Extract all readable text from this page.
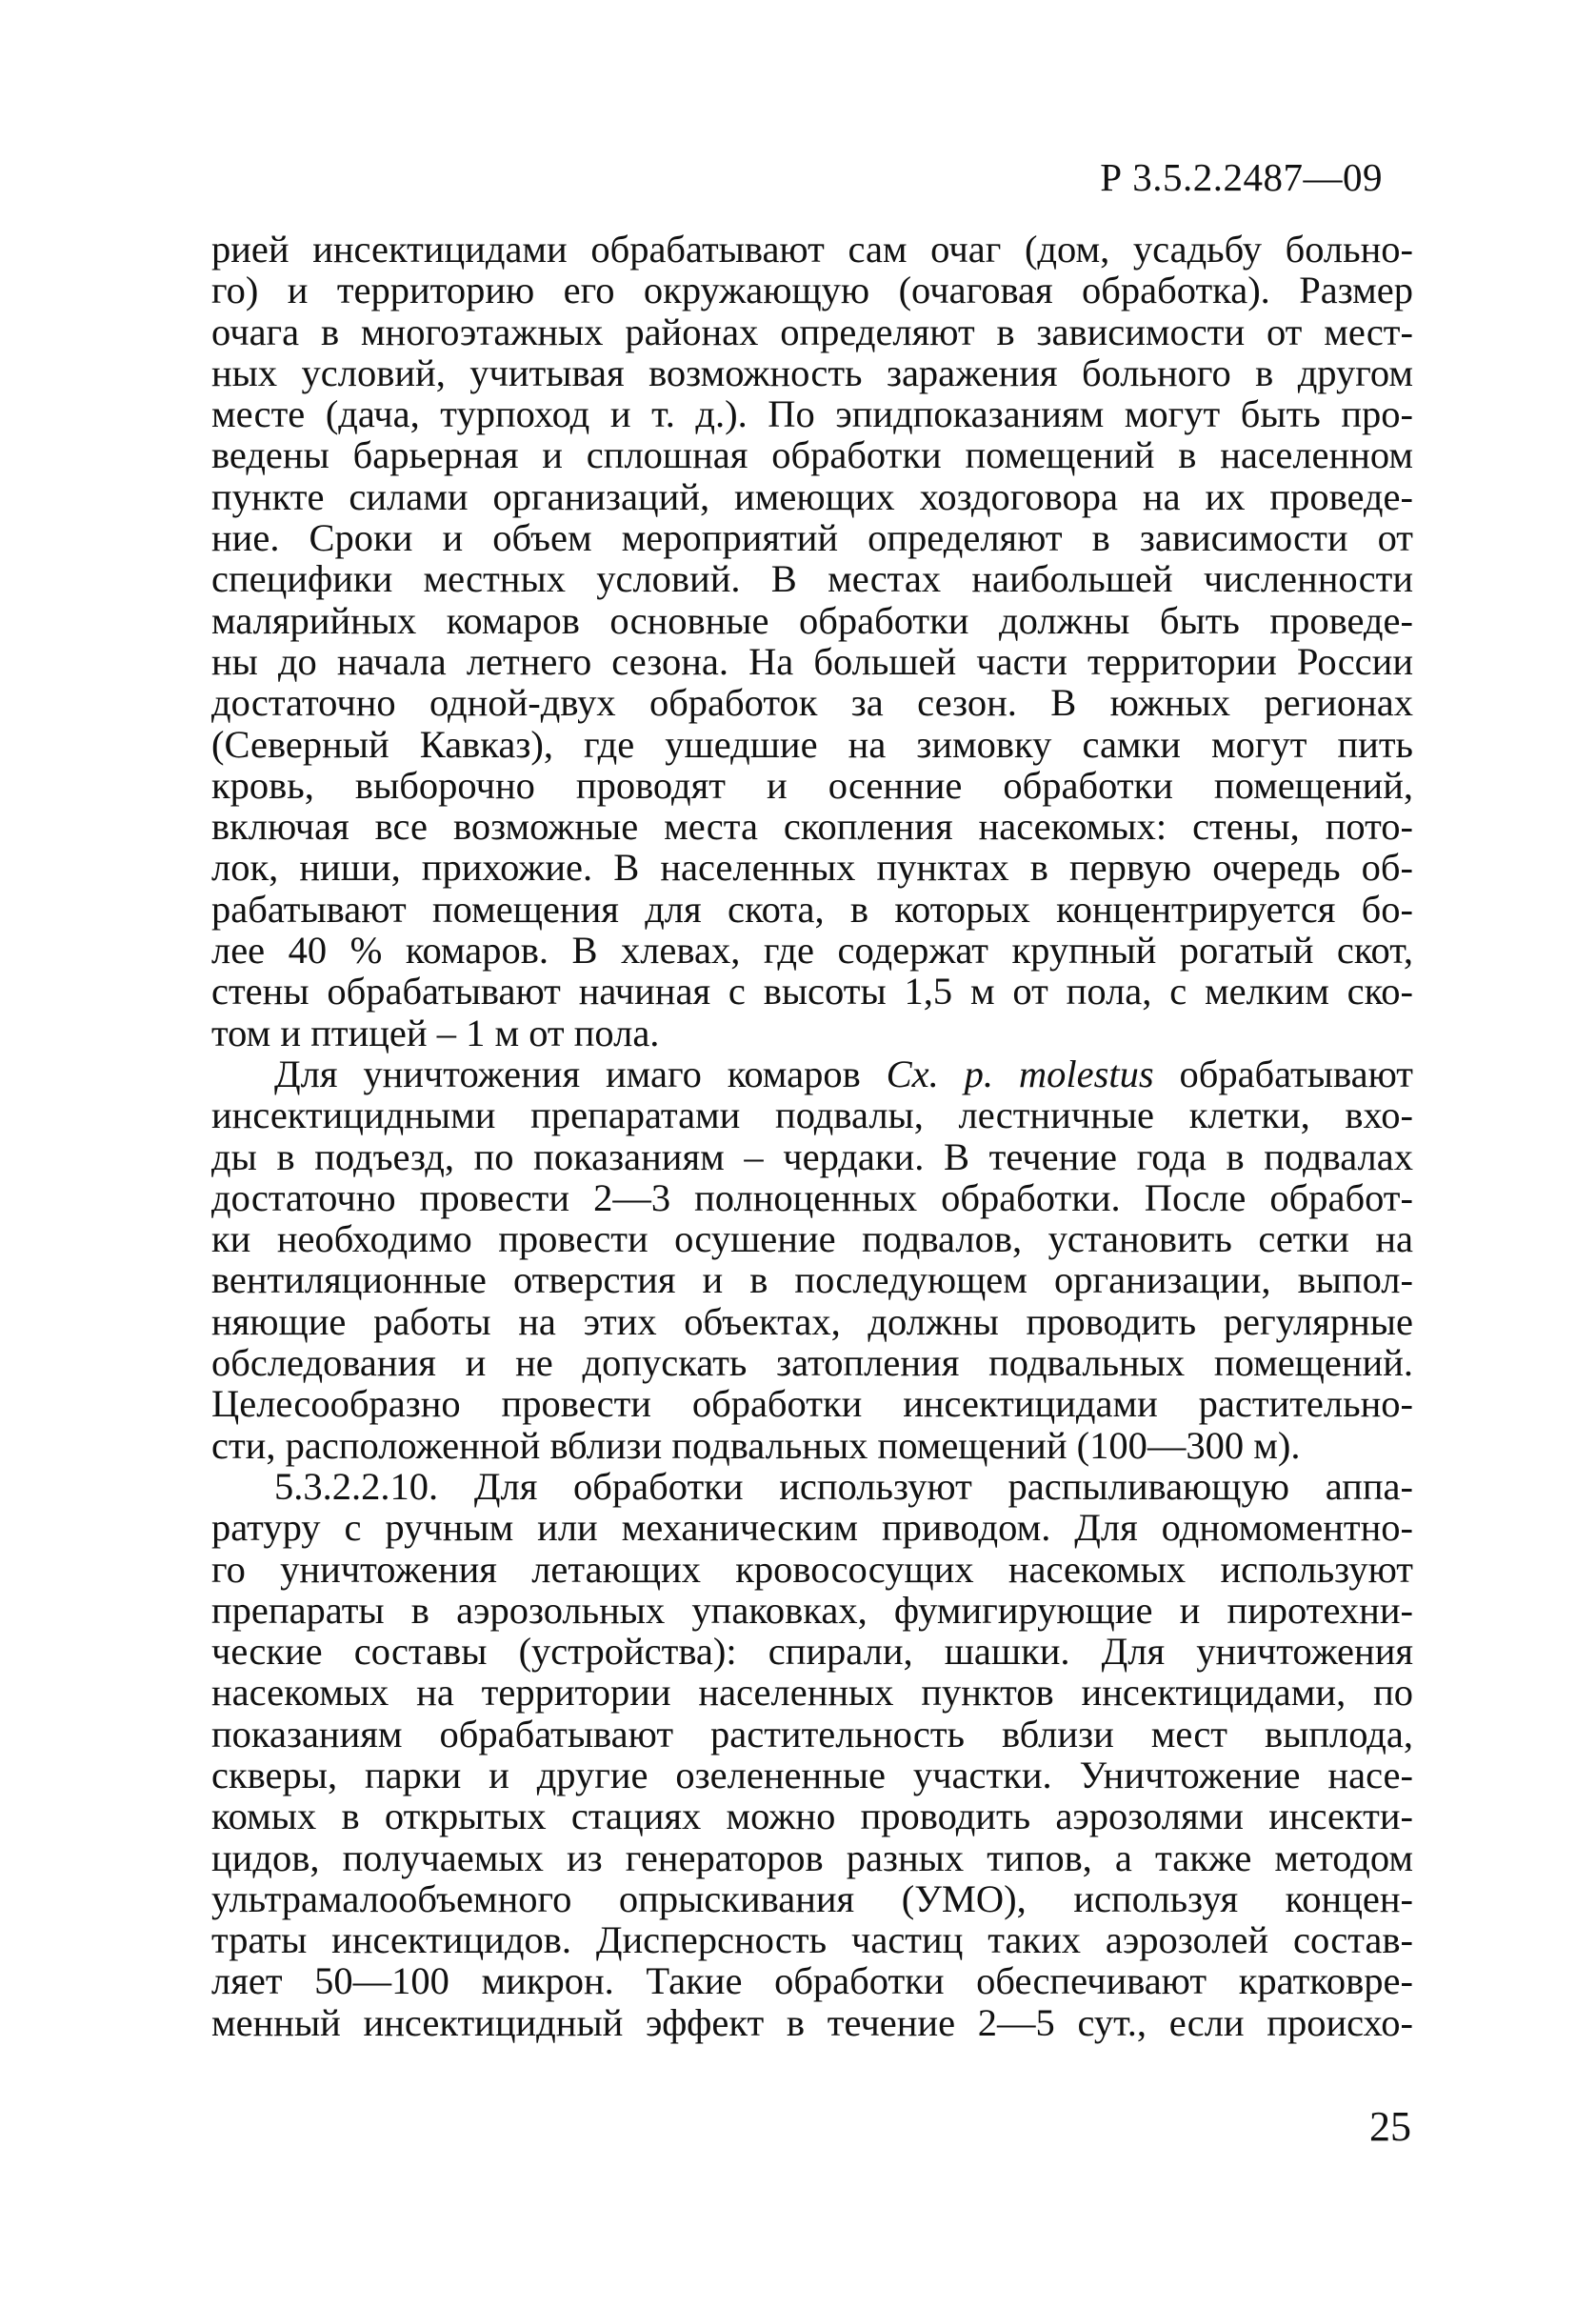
Р 3.5.2.2487—09
рией инсектицидами обрабатывают сам очаг (дом, усадьбу больно-
го) и территорию его окружающую (очаговая обработка). Размер
очага в многоэтажных районах определяют в зависимости от мест-
ных условий, учитывая возможность заражения больного в другом
месте (дача, турпоход и т. д.). По эпидпоказаниям могут быть про-
ведены барьерная и сплошная обработки помещений в населенном
пункте силами организаций, имеющих хоздоговора на их проведе-
ние. Сроки и объем мероприятий определяют в зависимости от
специфики местных условий. В местах наибольшей численности
малярийных комаров основные обработки должны быть проведе-
ны до начала летнего сезона. На большей части территории России
достаточно одной-двух обработок за сезон. В южных регионах
(Северный Кавказ), где ушедшие на зимовку самки могут пить
кровь, выборочно проводят и осенние обработки помещений,
включая все возможные места скопления насекомых: стены, пото-
лок, ниши, прихожие. В населенных пунктах в первую очередь об-
рабатывают помещения для скота, в которых концентрируется бо-
лее 40 % комаров. В хлевах, где содержат крупный рогатый скот,
стены обрабатывают начиная с высоты 1,5 м от пола, с мелким ско-
том и птицей – 1 м от пола.
Для уничтожения имаго комаров Cx. p. molestus обрабатывают
инсектицидными препаратами подвалы, лестничные клетки, вхо-
ды в подъезд, по показаниям – чердаки. В течение года в подвалах
достаточно провести 2—3 полноценных обработки. После обработ-
ки необходимо провести осушение подвалов, установить сетки на
вентиляционные отверстия и в последующем организации, выпол-
няющие работы на этих объектах, должны проводить регулярные
обследования и не допускать затопления подвальных помещений.
Целесообразно провести обработки инсектицидами растительно-
сти, расположенной вблизи подвальных помещений (100—300 м).
5.3.2.2.10. Для обработки используют распыливающую аппа-
ратуру с ручным или механическим приводом. Для одномоментно-
го уничтожения летающих кровососущих насекомых используют
препараты в аэрозольных упаковках, фумигирующие и пиротехни-
ческие составы (устройства): спирали, шашки. Для уничтожения
насекомых на территории населенных пунктов инсектицидами, по
показаниям обрабатывают растительность вблизи мест выплода,
скверы, парки и другие озелененные участки. Уничтожение насе-
комых в открытых стациях можно проводить аэрозолями инсекти-
цидов, получаемых из генераторов разных типов, а также методом
ультрамалообъемного опрыскивания (УМО), используя концен-
траты инсектицидов. Дисперсность частиц таких аэрозолей состав-
ляет 50—100 микрон. Такие обработки обеспечивают кратковре-
менный инсектицидный эффект в течение 2—5 сут., если происхо-
25
